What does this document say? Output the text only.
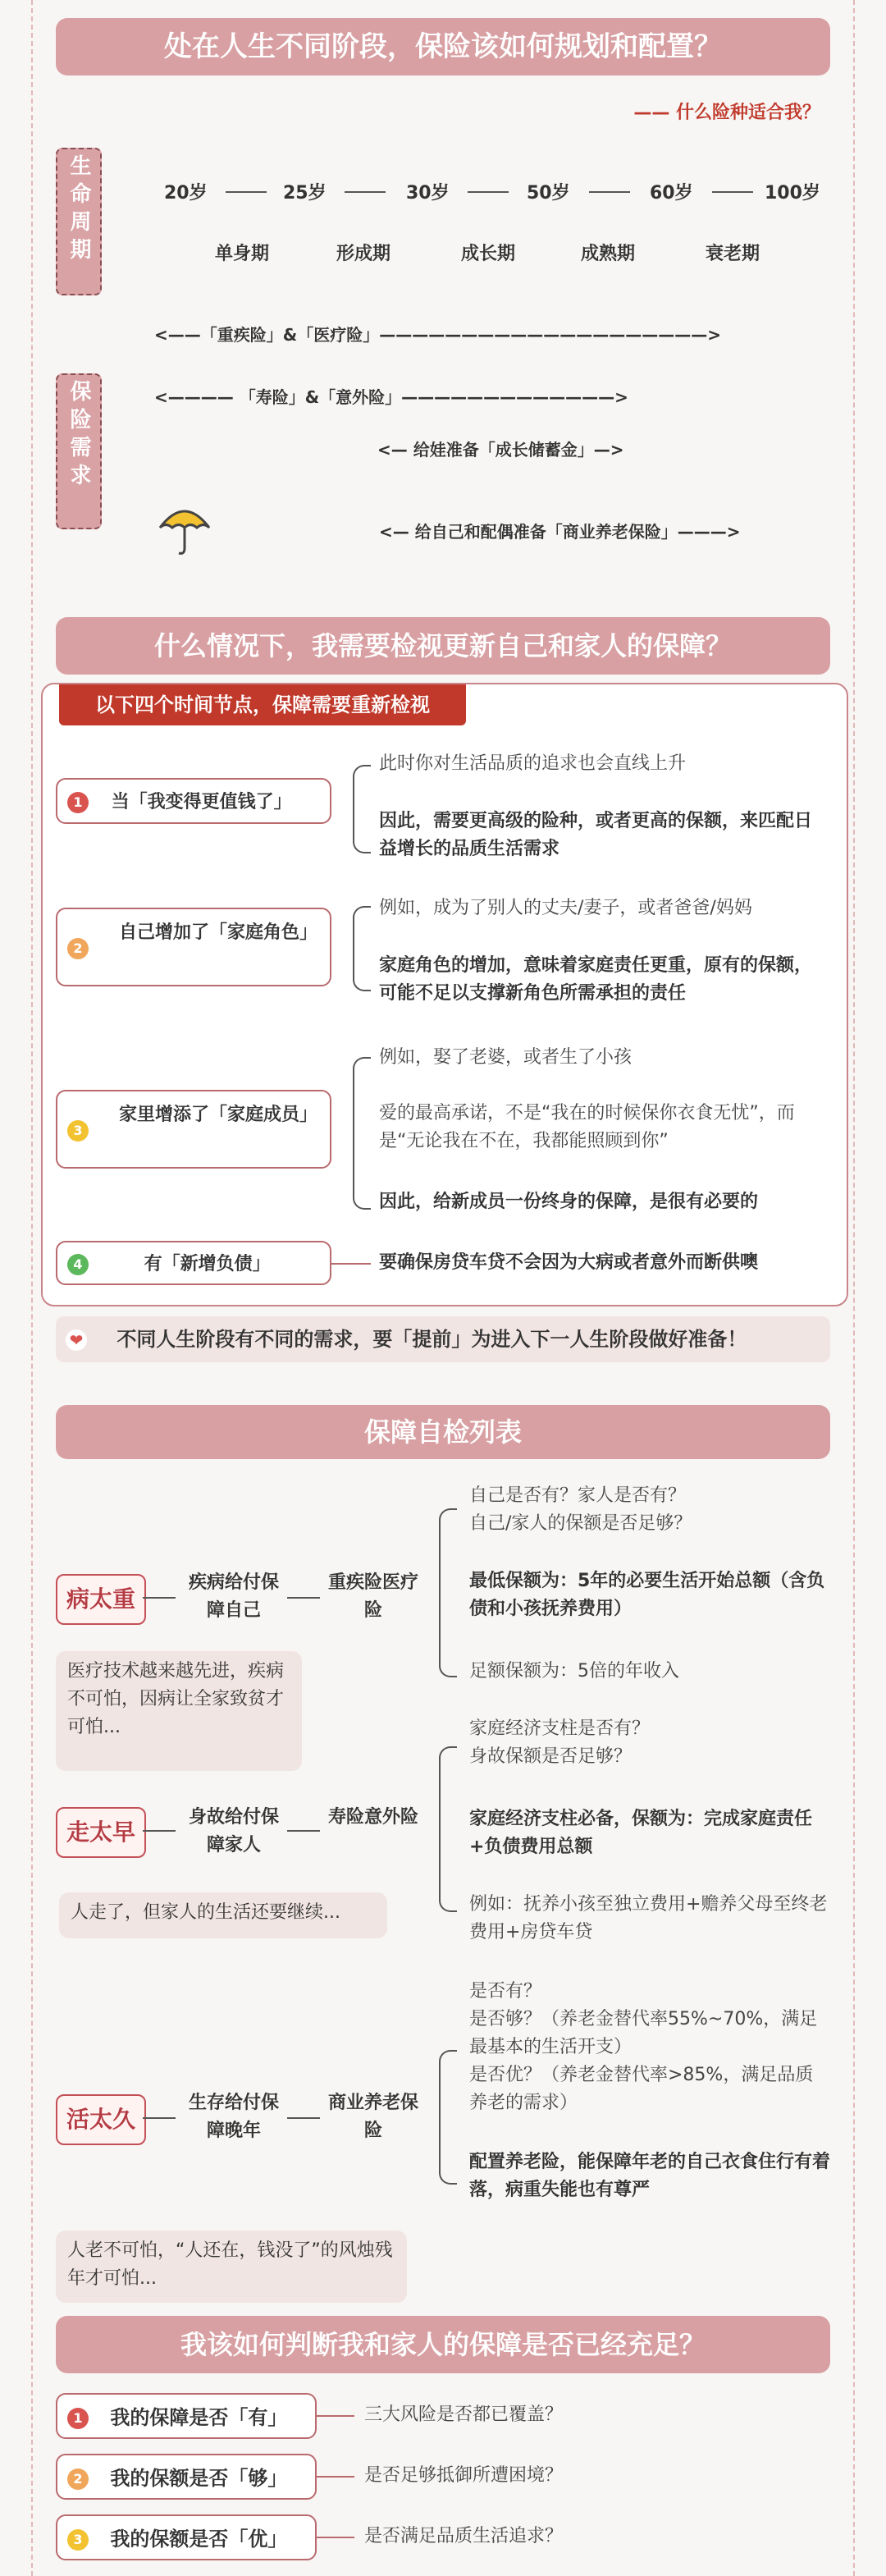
处在人生不同阶段，保险该如何规划和配置？
—— 什么险种适合我？
生命周期	20岁	25岁	30岁	50岁	60岁	100岁
单身期	形成期	成长期	成熟期	衰老期
<——「重疾险」&「医疗险」————————————————————>
保险需求	<———— 「寿险」&「意外险」—————————————>
<— 给娃准备「成长储蓄金」—>
<— 给自己和配偶准备「商业养老保险」———>
什么情况下，我需要检视更新自己和家人的保障？
以下四个时间节点，保障需要重新检视
1 当「我变得更值钱了」
此时你对生活品质的追求也会直线上升
因此，需要更高级的险种，或者更高的保额，来匹配日益增长的品质生活需求
2
自己增加了「家庭角色」
例如，成为了别人的丈夫/妻子，或者爸爸/妈妈
家庭角色的增加，意味着家庭责任更重，原有的保额，可能不足以支撑新角色所需承担的责任
3
家里增添了「家庭成员」
例如，娶了老婆，或者生了小孩
爱的最高承诺，不是“我在的时候保你衣食无忧”，而是“无论我在不在，我都能照顾到你”
因此，给新成员一份终身的保障，是很有必要的
4	有「新增负债」	要确保房贷车贷不会因为大病或者意外而断供噢
❤ 不同人生阶段有不同的需求，要「提前」为进入下一人生阶段做好准备！
保障自检列表
病太重
疾病给付保障自己
重疾险医疗险
自己是否有？家人是否有？
自己/家人的保额是否足够？
最低保额为：5年的必要生活开始总额（含负债和小孩抚养费用）
足额保额为：5倍的年收入
医疗技术越来越先进，疾病不可怕，因病让全家致贫才可怕...
走太早
身故给付保障家人
寿险意外险
家庭经济支柱是否有？
身故保额是否足够？
家庭经济支柱必备，保额为：完成家庭责任+负债费用总额
例如：抚养小孩至独立费用+赡养父母至终老费用+房贷车贷
人走了，但家人的生活还要继续...
活太久
生存给付保障晚年
商业养老保险
是否有？
是否够？（养老金替代率55%~70%，满足最基本的生活开支）
是否优？（养老金替代率>85%，满足品质养老的需求）
配置养老险，能保障年老的自己衣食住行有着落，病重失能也有尊严
人老不可怕，“人还在，钱没了”的风烛残年才可怕...
我该如何判断我和家人的保障是否已经充足？
1 我的保障是否「有」	三大风险是否都已覆盖？
2 我的保额是否「够」	是否足够抵御所遭困境？
3 我的保额是否「优」	是否满足品质生活追求？
